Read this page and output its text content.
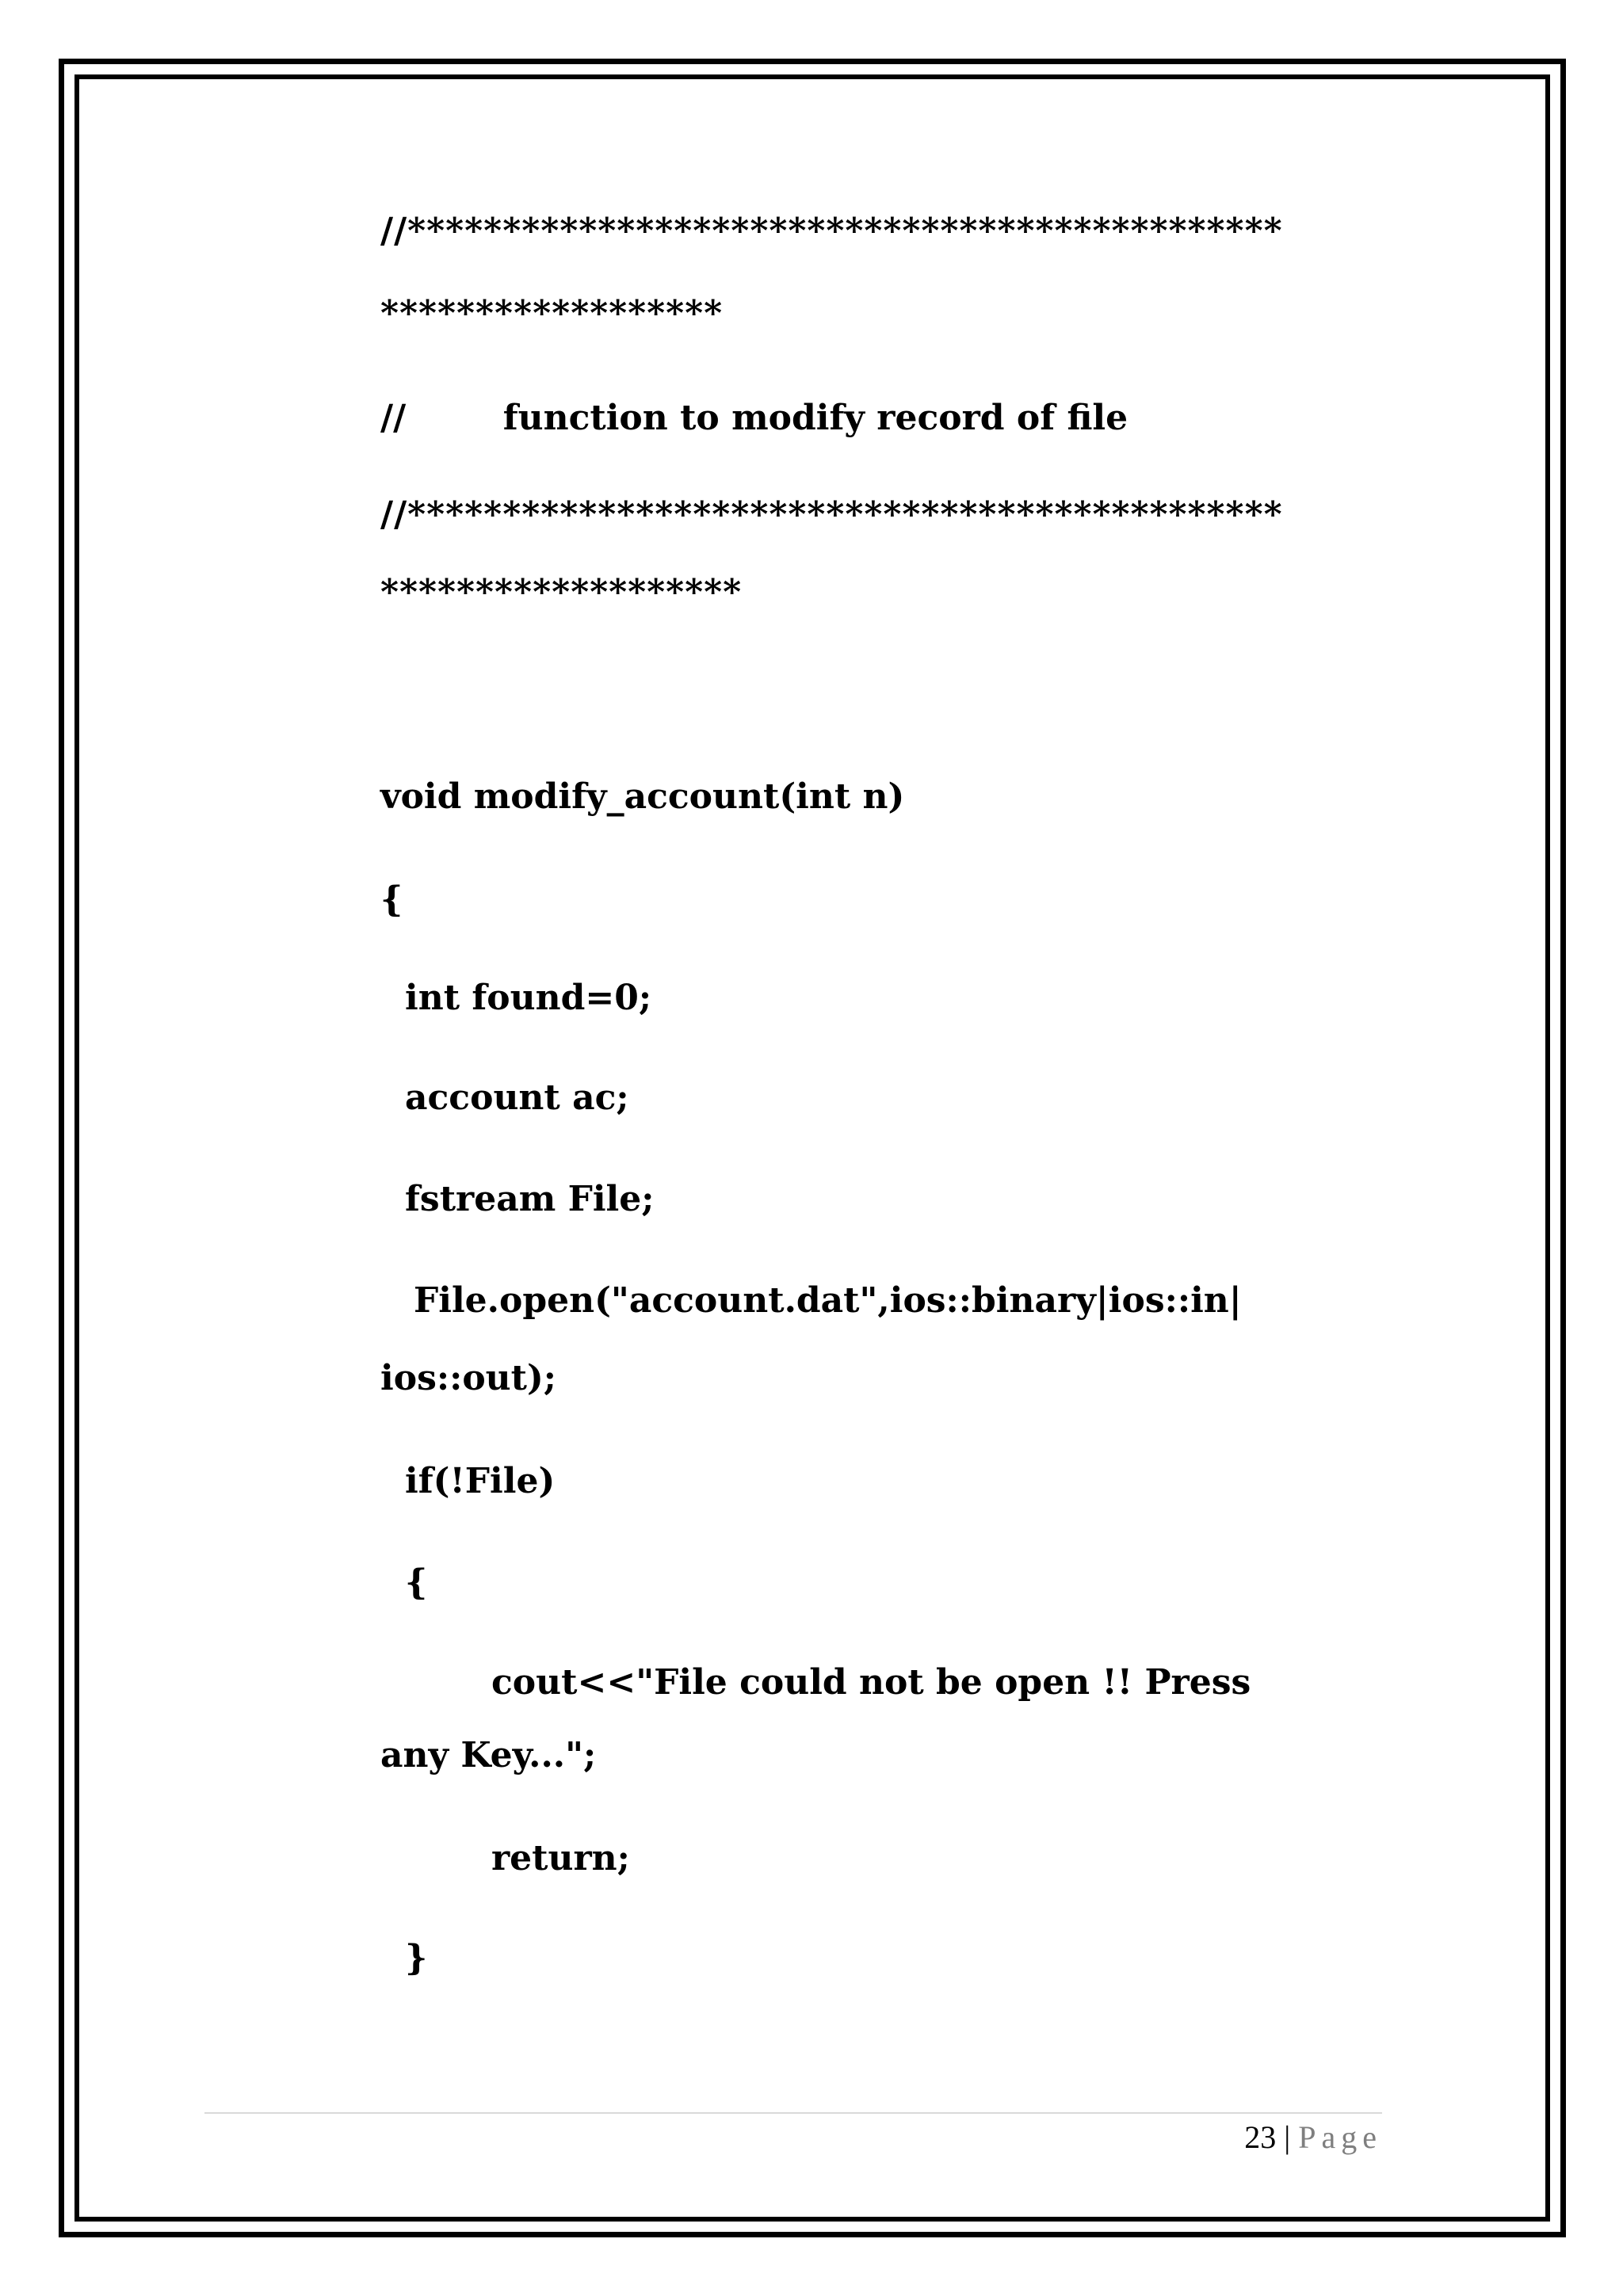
//**********************************************

******************

//        function to modify record of file

//**********************************************

*******************

void modify_account(int n)

{

int found=0;

account ac;

fstream File;

File.open("account.dat",ios::binary|ios::in|

ios::out);

if(!File)

{

cout<<"File could not be open !! Press

any Key...";

return;

}

23 | Page
